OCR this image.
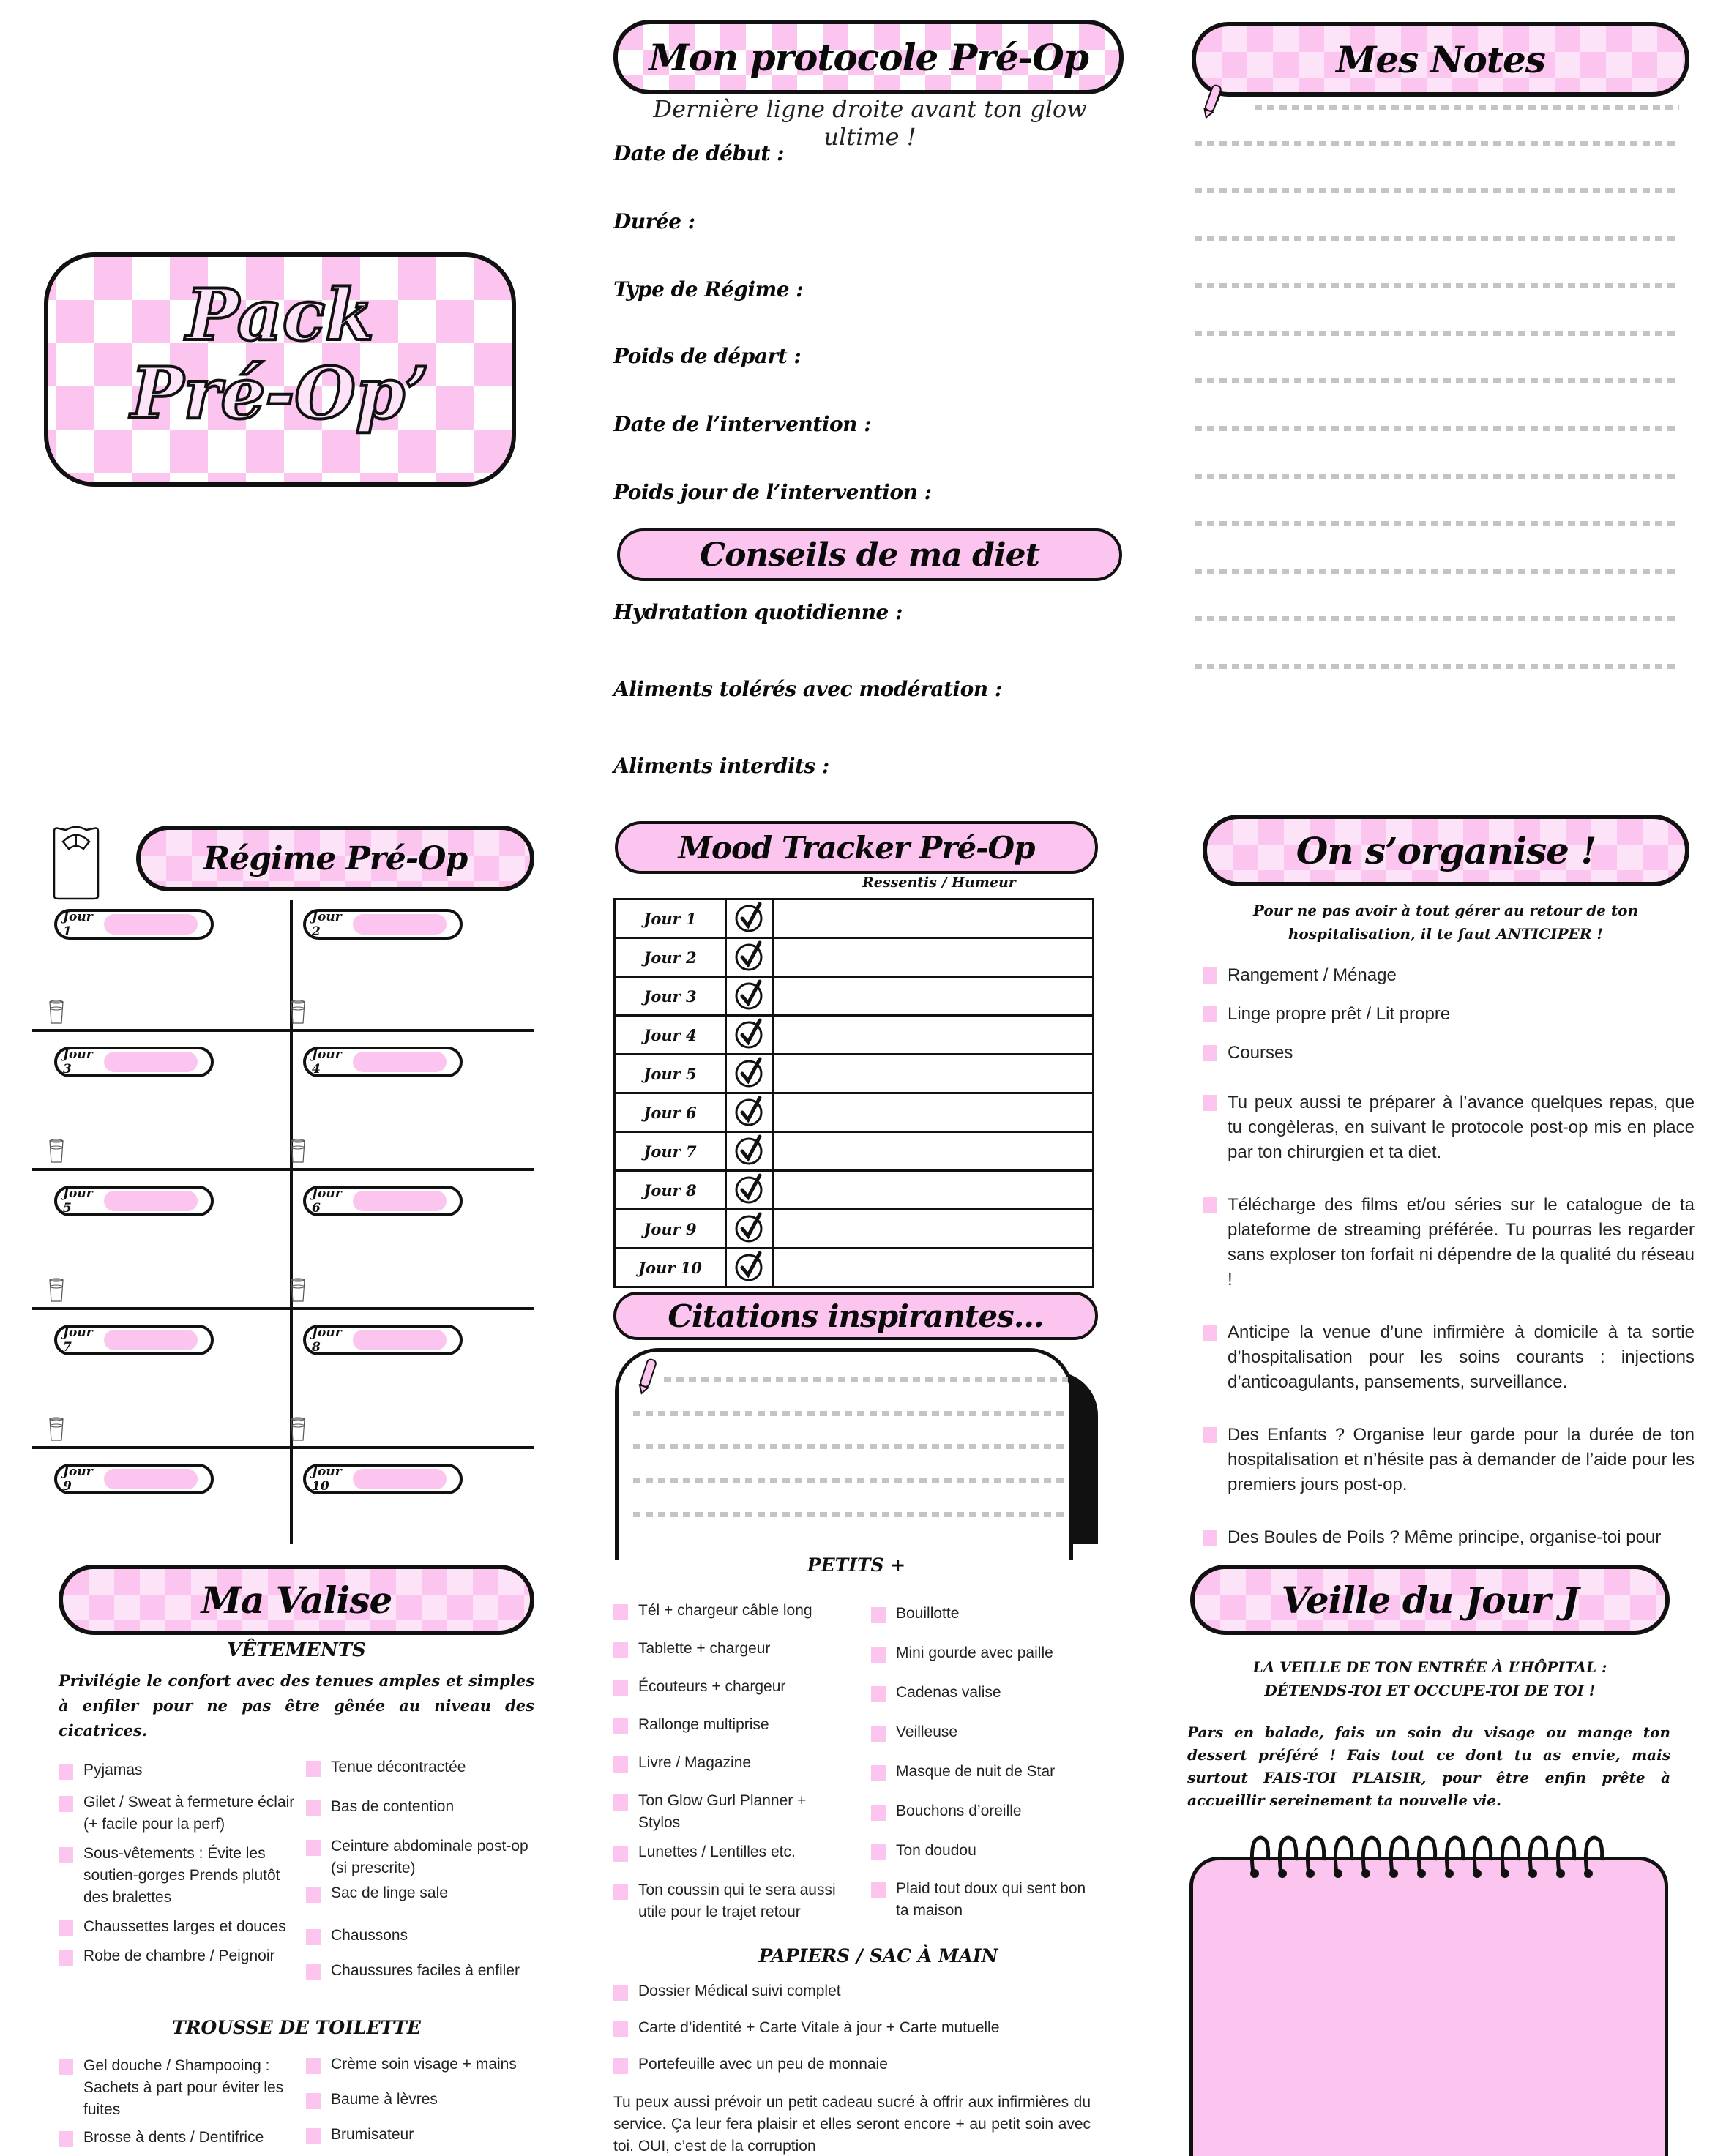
Pack
Pré-Op’
Mon protocole Pré-Op
Dernière ligne droite avant ton glow ultime !
Date de début :
Durée :
Type de Régime :
Poids de départ :
Date de l’intervention :
Poids jour de l’intervention :
Conseils de ma diet
Hydratation quotidienne :
Aliments tolérés avec modération :
Aliments interdits :
Mes Notes
Régime Pré-Op
Jour 1
Jour 2
Jour 3
Jour 4
Jour 5
Jour 6
Jour 7
Jour 8
Jour 9
Jour 10
Mood Tracker Pré-Op
Ressentis / Humeur
Jour 1		
Jour 2		
Jour 3		
Jour 4		
Jour 5		
Jour 6		
Jour 7		
Jour 8		
Jour 9		
Jour 10		
Citations inspirantes...
On s’organise !
Pour ne pas avoir à tout gérer au retour de ton hospitalisation, il te faut ANTICIPER !
Rangement / Ménage
Linge propre prêt / Lit propre
Courses
Tu peux aussi te préparer à l’avance quelques repas, que tu congèleras, en suivant le protocole post-op mis en place par ton chirurgien et ta diet.
Télécharge des films et/ou séries sur le catalogue de ta plateforme de streaming préférée. Tu pourras les regarder sans exploser ton forfait ni dépendre de la qualité du réseau !
Anticipe la venue d’une infirmière à domicile à ta sortie d’hospitalisation pour les soins courants : injections d’anticoagulants, pansements, surveillance.
Des Enfants ? Organise leur garde pour la durée de ton hospitalisation et n’hésite pas à demander de l’aide pour les premiers jours post-op.
Des Boules de Poils ? Même principe, organise-toi pour
Ma Valise
VÊTEMENTS
Privilégie le confort avec des tenues amples et simples à enfiler pour ne pas être gênée au niveau des cicatrices.
Pyjamas
Gilet / Sweat à fermeture éclair (+ facile pour la perf)
Sous-vêtements : Évite les soutien-gorges Prends plutôt des bralettes
Chaussettes larges et douces
Robe de chambre / Peignoir
Tenue décontractée
Bas de contention
Ceinture abdominale post-op (si prescrite)
Sac de linge sale
Chaussons
Chaussures faciles à enfiler
TROUSSE DE TOILETTE
Gel douche / Shampooing : Sachets à part pour éviter les fuites
Brosse à dents / Dentifrice
Crème soin visage + mains
Baume à lèvres
Brumisateur
PETITS +
Tél + chargeur câble long
Tablette + chargeur
Écouteurs + chargeur
Rallonge multiprise
Livre / Magazine
Ton Glow Gurl Planner + Stylos
Lunettes / Lentilles etc.
Ton coussin qui te sera aussi utile pour le trajet retour
Bouillotte
Mini gourde avec paille
Cadenas valise
Veilleuse
Masque de nuit de Star
Bouchons d’oreille
Ton doudou
Plaid tout doux qui sent bon ta maison
PAPIERS / SAC À MAIN
Dossier Médical suivi complet
Carte d’identité + Carte Vitale à jour + Carte mutuelle
Portefeuille avec un peu de monnaie
Tu peux aussi prévoir un petit cadeau sucré à offrir aux infirmières du service. Ça leur fera plaisir et elles seront encore + au petit soin avec toi. OUI, c’est de la corruption
Veille du Jour J
LA VEILLE DE TON ENTRÉE À L’HÔPITAL :
DÉTENDS-TOI ET OCCUPE-TOI DE TOI !
Pars en balade, fais un soin du visage ou mange ton dessert préféré ! Fais tout ce dont tu as envie, mais surtout FAIS-TOI PLAISIR, pour être enfin prête à accueillir sereinement ta nouvelle vie.
